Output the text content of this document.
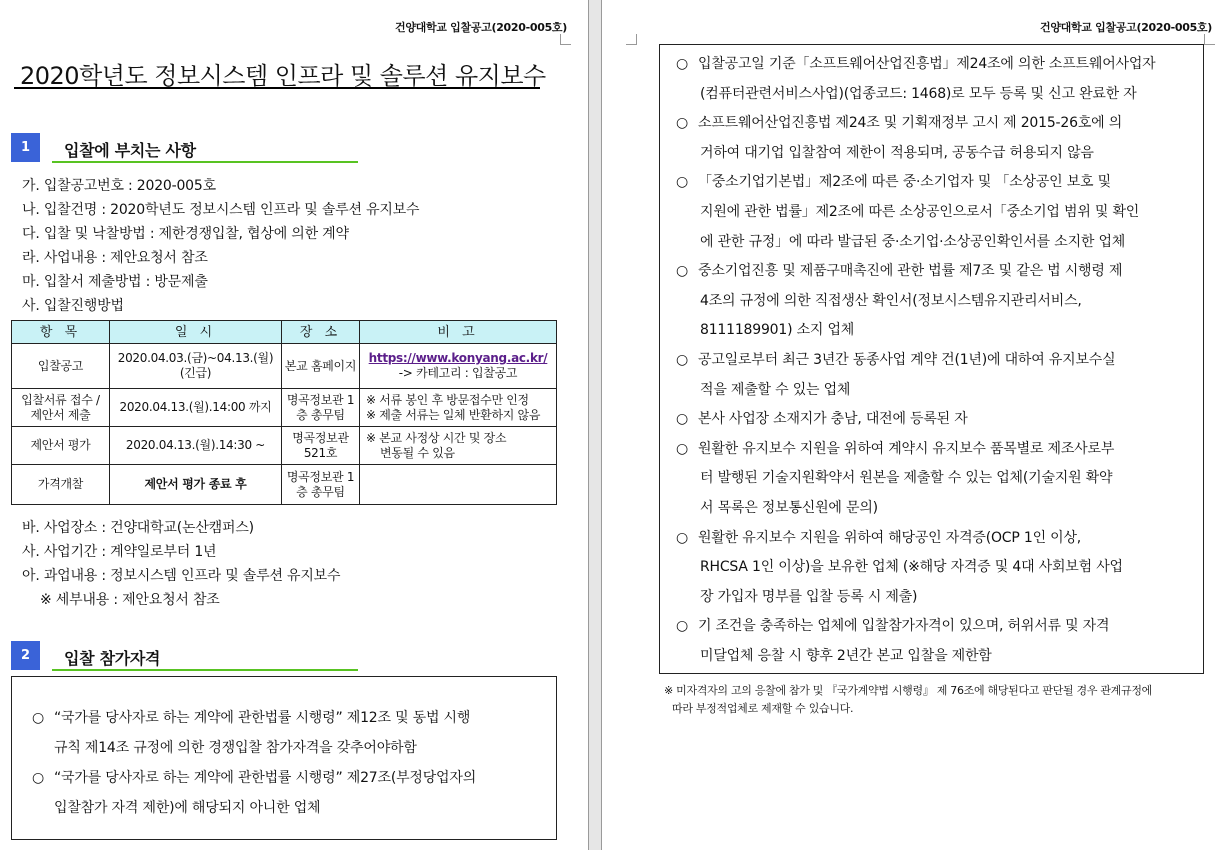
건양대학교 입찰공고(2020-005호)
2020학년도 정보시스템 인프라 및 솔루션 유지보수
1	입찰에 부치는 사항
가. 입찰공고번호 : 2020-005호
나. 입찰건명 : 2020학년도 정보시스템 인프라 및 솔루션 유지보수
다. 입찰 및 낙찰방법 : 제한경쟁입찰, 협상에 의한 계약
라. 사업내용 : 제안요청서 참조
마. 입찰서 제출방법 : 방문제출
사. 입찰진행방법
항 목	일 시	장 소	비 고
입찰공고	2020.04.03.(금)~04.13.(월) (긴급)	본교 홈페이지	https://www.konyang.ac.kr/
-> 카테고리 : 입찰공고

입찰서류 접수 / 제안서 제출	2020.04.13.(월).14:00 까지	명곡정보관 1층 총무팀	※ 서류 봉인 후 방문접수만 인정
※ 제출 서류는 일체 반환하지 않음

제안서 평가	2020.04.13.(월).14:30 ~	명곡정보관 521호	※ 본교 사정상 시간 및 장소
변동될 수 있음

가격개찰	제안서 평가 종료 후	명곡정보관 1층 총무팀	
바. 사업장소 : 건양대학교(논산캠퍼스)
사. 사업기간 : 계약일로부터 1년
아. 과업내용 : 정보시스템 인프라 및 솔루션 유지보수
※ 세부내용 : 제안요청서 참조
2	입찰 참가자격
○ “국가를 당사자로 하는 계약에 관한법률 시행령” 제12조 및 동법 시행
규칙 제14조 규정에 의한 경쟁입찰 참가자격을 갖추어야하함
○ “국가를 당사자로 하는 계약에 관한법률 시행령” 제27조(부정당업자의
입찰참가 자격 제한)에 해당되지 아니한 업체
건양대학교 입찰공고(2020-005호)
○ 입찰공고일 기준「소프트웨어산업진흥법」제24조에 의한 소프트웨어사업자
(컴퓨터관련서비스사업)(업종코드: 1468)로 모두 등록 및 신고 완료한 자
○ 소프트웨어산업진흥법 제24조 및 기획재정부 고시 제 2015-26호에 의
거하여 대기업 입찰참여 제한이 적용되며, 공동수급 허용되지 않음
○ 「중소기업기본법」제2조에 따른 중·소기업자 및 「소상공인 보호 및
지원에 관한 법률」제2조에 따른 소상공인으로서「중소기업 범위 및 확인
에 관한 규정」에 따라 발급된 중·소기업·소상공인확인서를 소지한 업체
○ 중소기업진흥 및 제품구매촉진에 관한 법률 제7조 및 같은 법 시행령 제
4조의 규정에 의한 직접생산 확인서(정보시스템유지관리서비스,
8111189901) 소지 업체
○ 공고일로부터 최근 3년간 동종사업 계약 건(1년)에 대하여 유지보수실
적을 제출할 수 있는 업체
○ 본사 사업장 소재지가 충남, 대전에 등록된 자
○ 원활한 유지보수 지원을 위하여 계약시 유지보수 품목별로 제조사로부
터 발행된 기술지원확약서 원본을 제출할 수 있는 업체(기술지원 확약
서 목록은 정보통신원에 문의)
○ 원활한 유지보수 지원을 위하여 해당공인 자격증(OCP 1인 이상,
RHCSA 1인 이상)을 보유한 업체 (※해당 자격증 및 4대 사회보험 사업
장 가입자 명부를 입찰 등록 시 제출)
○ 기 조건을 충족하는 업체에 입찰참가자격이 있으며, 허위서류 및 자격
미달업체 응찰 시 향후 2년간 본교 입찰을 제한함
※ 미자격자의 고의 응찰에 참가 및 『국가계약법 시행령』 제 76조에 해당된다고 판단될 경우 관계규정에
따라 부정적업체로 제재할 수 있습니다.
